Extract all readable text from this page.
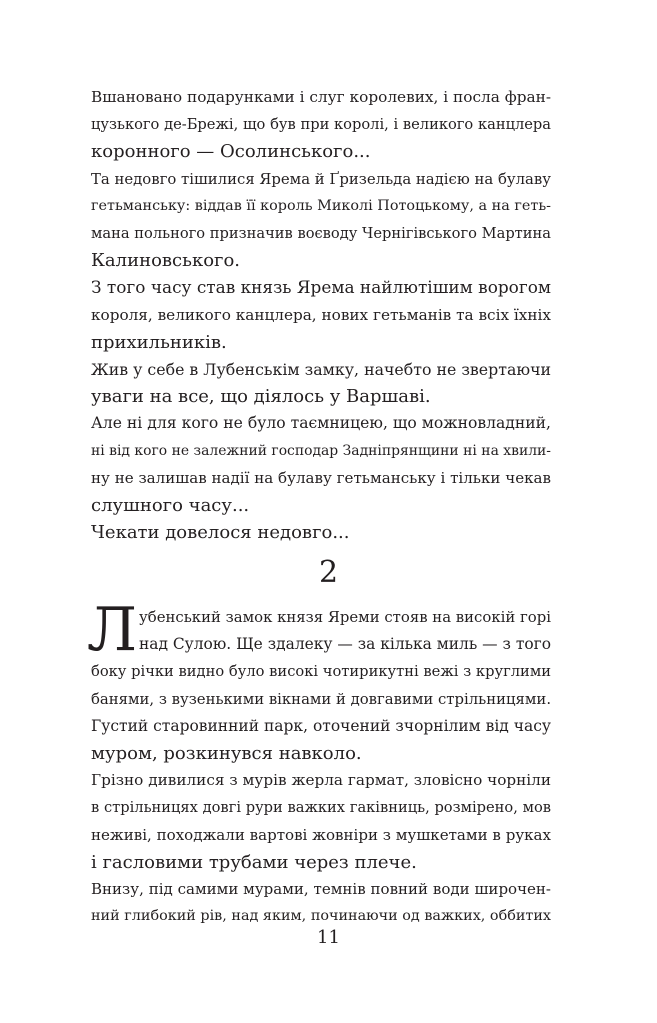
Вшановано подарунками і слуг королевих, і посла фран-
цузького де-Брежі, що був при королі, і великого канцлера
коронного — Осолинського...
Та недовго тішилися Ярема й Ґризельда надією на булаву
гетьманську: віддав її король Миколі Потоцькому, а на геть-
мана польного призначив воєводу Чернігівського Мартина
Калиновського.
З того часу став князь Ярема найлютішим ворогом
короля, великого канцлера, нових гетьманів та всіх їхніх
прихильників.
Жив у себе в Лубенськім замку, начебто не звертаючи
уваги на все, що діялось у Варшаві.
Але ні для кого не було таємницею, що можновладний,
ні від кого не залежний господар Задніпрянщини ні на хвили-
ну не залишав надії на булаву гетьманську і тільки чекав
слушного часу...
Чекати довелося недовго...
2
Л убенський замок князя Яреми стояв на високій горі
над Сулою. Ще здалеку — за кілька миль — з того
боку річки видно було високі чотирикутні вежі з круглими
банями, з вузенькими вікнами й довгавими стрільницями.
Густий старовинний парк, оточений зчорнілим від часу
муром, розкинувся навколо.
Грізно дивилися з мурів жерла гармат, зловісно чорніли
в стрільницях довгі рури важких гаківниць, розмірено, мов
неживі, походжали вартові жовніри з мушкетами в руках
і гасловими трубами через плече.
Внизу, під самими мурами, темнів повний води широчен-
ний глибокий рів, над яким, починаючи од важких, оббитих
11
